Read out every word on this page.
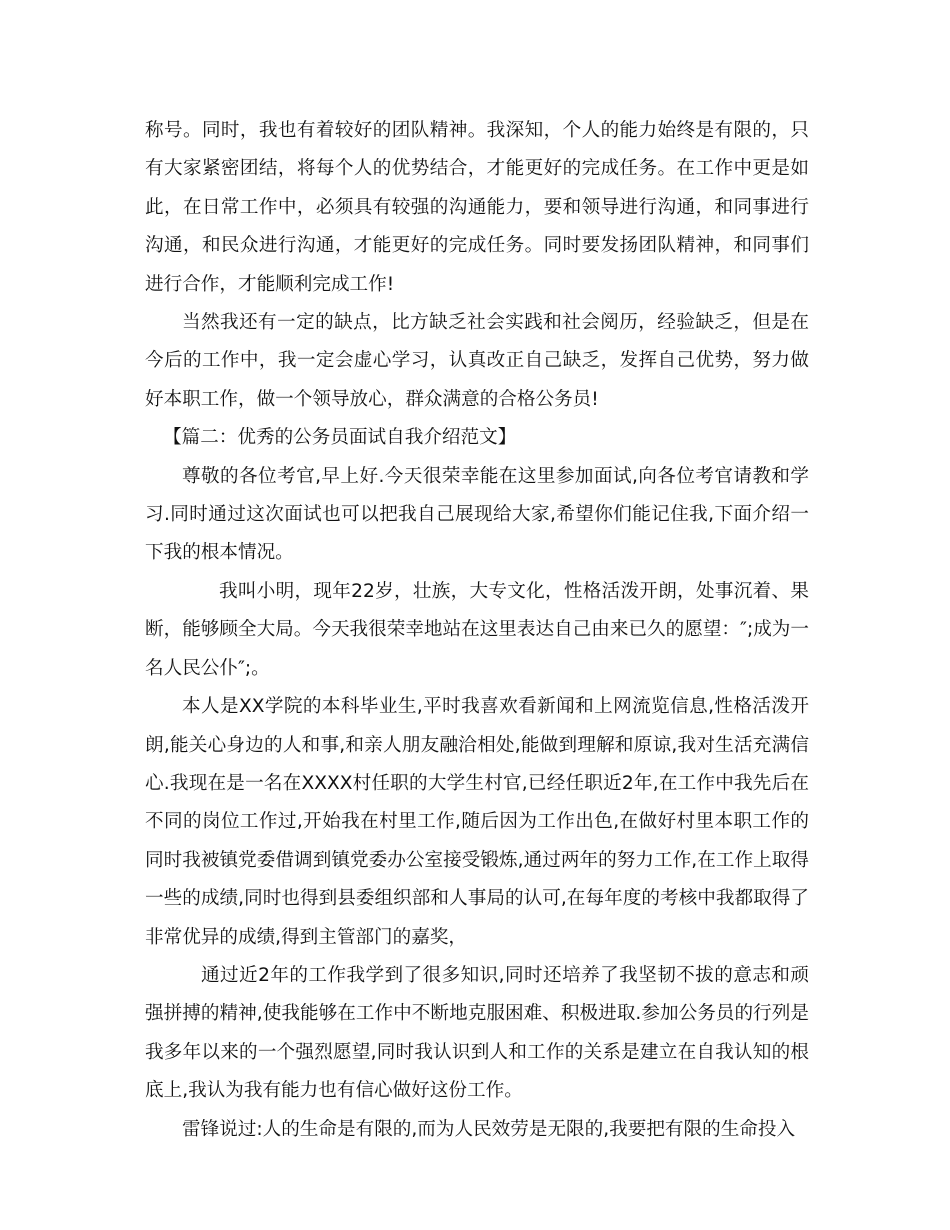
称号。同时，我也有着较好的团队精神。我深知，个人的能力始终是有限的，只有大家紧密团结，将每个人的优势结合，才能更好的完成任务。在工作中更是如此，在日常工作中，必须具有较强的沟通能力，要和领导进行沟通，和同事进行沟通，和民众进行沟通，才能更好的完成任务。同时要发扬团队精神，和同事们进行合作，才能顺利完成工作!

当然我还有一定的缺点，比方缺乏社会实践和社会阅历，经验缺乏，但是在今后的工作中，我一定会虚心学习，认真改正自己缺乏，发挥自己优势，努力做好本职工作，做一个领导放心，群众满意的合格公务员!

【篇二：优秀的公务员面试自我介绍范文】

尊敬的各位考官,早上好.今天很荣幸能在这里参加面试,向各位考官请教和学习.同时通过这次面试也可以把我自己展现给大家,希望你们能记住我,下面介绍一下我的根本情况。

我叫小明，现年22岁，壮族，大专文化，性格活泼开朗，处事沉着、果断，能够顾全大局。今天我很荣幸地站在这里表达自己由来已久的愿望：″;成为一名人民公仆″;。

本人是XX学院的本科毕业生,平时我喜欢看新闻和上网流览信息,性格活泼开朗,能关心身边的人和事,和亲人朋友融洽相处,能做到理解和原谅,我对生活充满信心.我现在是一名在XXXX村任职的大学生村官,已经任职近2年,在工作中我先后在不同的岗位工作过,开始我在村里工作,随后因为工作出色,在做好村里本职工作的同时我被镇党委借调到镇党委办公室接受锻炼,通过两年的努力工作,在工作上取得一些的成绩,同时也得到县委组织部和人事局的认可,在每年度的考核中我都取得了非常优异的成绩,得到主管部门的嘉奖，

通过近2年的工作我学到了很多知识,同时还培养了我坚韧不拔的意志和顽强拼搏的精神,使我能够在工作中不断地克服困难、积极进取.参加公务员的行列是我多年以来的一个强烈愿望,同时我认识到人和工作的关系是建立在自我认知的根底上,我认为我有能力也有信心做好这份工作。

雷锋说过:人的生命是有限的,而为人民效劳是无限的,我要把有限的生命投入
